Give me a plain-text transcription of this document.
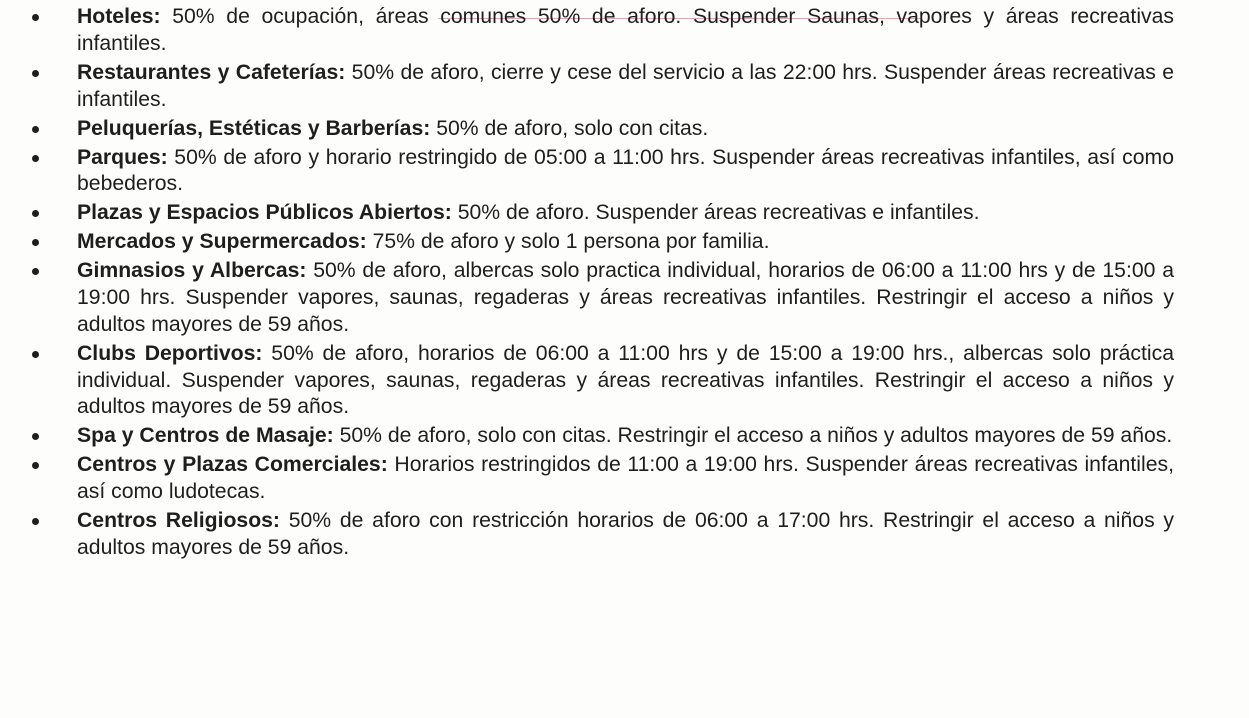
Hoteles: 50% de ocupación, áreas comunes 50% de aforo. Suspender Saunas, vapores y áreas recreativas infantiles.
Restaurantes y Cafeterías: 50% de aforo, cierre y cese del servicio a las 22:00 hrs. Suspender áreas recreativas e infantiles.
Peluquerías, Estéticas y Barberías: 50% de aforo, solo con citas.
Parques: 50% de aforo y horario restringido de 05:00 a 11:00 hrs. Suspender áreas recreativas infantiles, así como bebederos.
Plazas y Espacios Públicos Abiertos: 50% de aforo. Suspender áreas recreativas e infantiles.
Mercados y Supermercados: 75% de aforo y solo 1 persona por familia.
Gimnasios y Albercas: 50% de aforo, albercas solo practica individual, horarios de 06:00 a 11:00 hrs y de 15:00 a 19:00 hrs. Suspender vapores, saunas, regaderas y áreas recreativas infantiles. Restringir el acceso a niños y adultos mayores de 59 años.
Clubs Deportivos: 50% de aforo, horarios de 06:00 a 11:00 hrs y de 15:00 a 19:00 hrs., albercas solo práctica individual. Suspender vapores, saunas, regaderas y áreas recreativas infantiles. Restringir el acceso a niños y adultos mayores de 59 años.
Spa y Centros de Masaje: 50% de aforo, solo con citas. Restringir el acceso a niños y adultos mayores de 59 años.
Centros y Plazas Comerciales: Horarios restringidos de 11:00 a 19:00 hrs. Suspender áreas recreativas infantiles, así como ludotecas.
Centros Religiosos: 50% de aforo con restricción horarios de 06:00 a 17:00 hrs. Restringir el acceso a niños y adultos mayores de 59 años.
